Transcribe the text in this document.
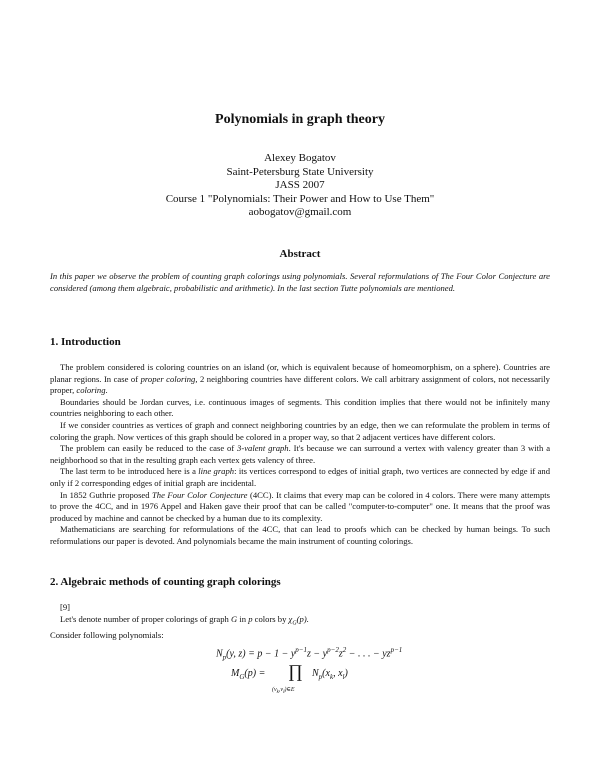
Polynomials in graph theory
Alexey Bogatov
Saint-Petersburg State University
JASS 2007
Course 1 "Polynomials: Their Power and How to Use Them"
aobogatov@gmail.com
Abstract
In this paper we observe the problem of counting graph colorings using polynomials. Several reformulations of The Four Color Conjecture are considered (among them algebraic, probabilistic and arithmetic). In the last section Tutte polynomials are mentioned.
1. Introduction

The problem considered is coloring countries on an island (or, which is equivalent because of homeomorphism, on a sphere). Countries are planar regions. In case of proper coloring, 2 neighboring countries have different colors. We call arbitrary assignment of colors, not necessarily proper, coloring.

Boundaries should be Jordan curves, i.e. continuous images of segments. This condition implies that there would not be infinitely many countries neighboring to each other.

If we consider countries as vertices of graph and connect neighboring countries by an edge, then we can reformulate the problem in terms of coloring the graph. Now vertices of this graph should be colored in a proper way, so that 2 adjacent vertices have different colors.

The problem can easily be reduced to the case of 3-valent graph. It's because we can surround a vertex with valency greater than 3 with a neighborhood so that in the resulting graph each vertex gets valency of three.

The last term to be introduced here is a line graph: its vertices correspond to edges of initial graph, two vertices are connected by edge if and only if 2 corresponding edges of initial graph are incidental.

In 1852 Guthrie proposed The Four Color Conjecture (4CC). It claims that every map can be colored in 4 colors. There were many attempts to prove the 4CC, and in 1976 Appel and Haken gave their proof that can be called "computer-to-computer" one. It means that the proof was produced by machine and cannot be checked by a human due to its complexity.

Mathematicians are searching for reformulations of the 4CC, that can lead to proofs which can be checked by human beings. To such reformulations our paper is devoted. And polynomials became the main instrument of counting colorings.

2. Algebraic methods of counting graph colorings

[9]

Let's denote number of proper colorings of graph G in p colors by $\chi_G(p)$.

Consider following polynomials:

$N_p(y$, $z) = p - 1 - y^{p-1}z - y^{p-2}z^2$ − . . . − $yz^{p-1}$
$M_G(p)$ = ∏
$(v_k,v_l)\in E$
$N_p(x_k$, $x_l$)
